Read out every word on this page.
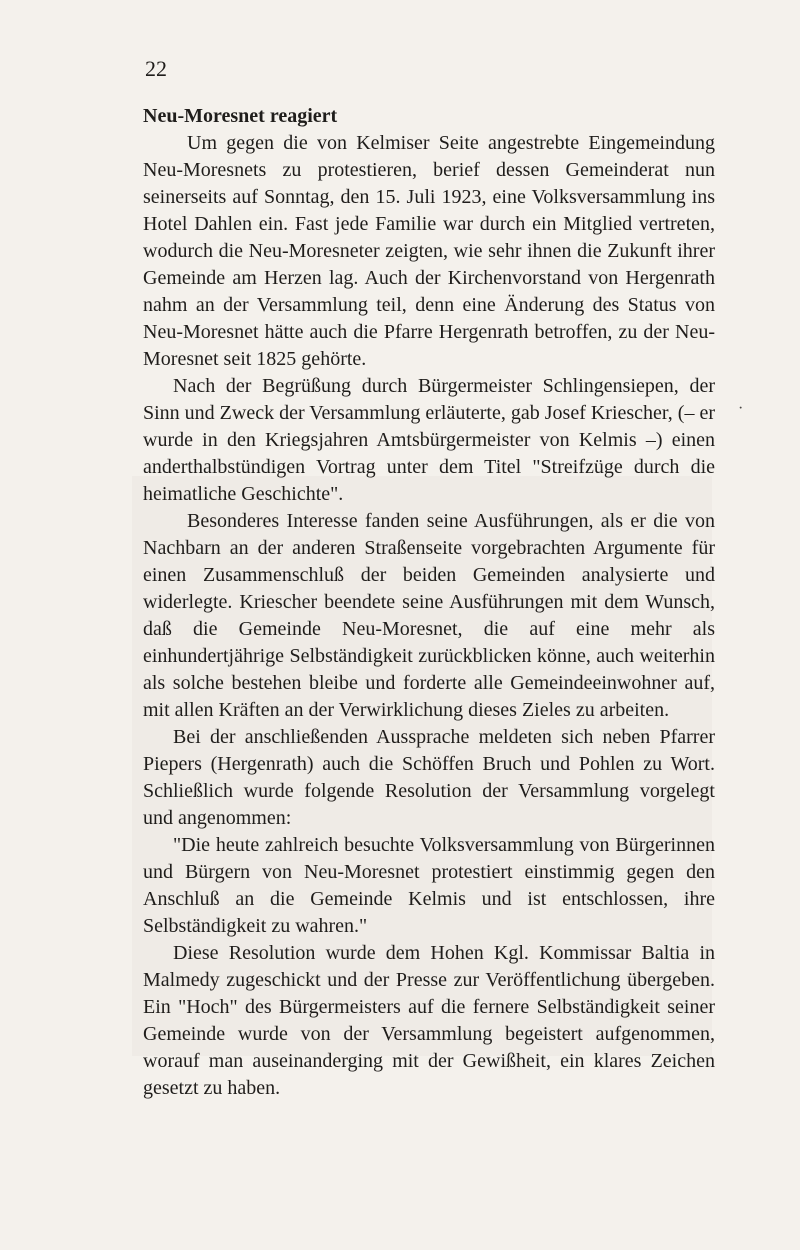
22
Neu-Moresnet reagiert

Um gegen die von Kelmiser Seite angestrebte Eingemeindung Neu-Moresnets zu protestieren, berief dessen Gemeinderat nun seinerseits auf Sonntag, den 15. Juli 1923, eine Volksversammlung ins Hotel Dahlen ein. Fast jede Familie war durch ein Mitglied vertreten, wodurch die Neu-Moresneter zeigten, wie sehr ihnen die Zukunft ihrer Gemeinde am Herzen lag. Auch der Kirchenvorstand von Hergenrath nahm an der Versammlung teil, denn eine Änderung des Status von Neu-Moresnet hätte auch die Pfarre Hergenrath betroffen, zu der Neu-Moresnet seit 1825 gehörte.

Nach der Begrüßung durch Bürgermeister Schlingensiepen, der Sinn und Zweck der Versammlung erläuterte, gab Josef Kriescher, (– er wurde in den Kriegsjahren Amtsbürgermeister von Kelmis –) einen anderthalbstündigen Vortrag unter dem Titel "Streifzüge durch die heimatliche Geschichte".

Besonderes Interesse fanden seine Ausführungen, als er die von Nachbarn an der anderen Straßenseite vorgebrachten Argumente für einen Zusammenschluß der beiden Gemeinden analysierte und widerlegte. Kriescher beendete seine Ausführungen mit dem Wunsch, daß die Gemeinde Neu-Moresnet, die auf eine mehr als einhundertjährige Selbständigkeit zurückblicken könne, auch weiterhin als solche bestehen bleibe und forderte alle Gemeindeeinwohner auf, mit allen Kräften an der Verwirklichung dieses Zieles zu arbeiten.

Bei der anschließenden Aussprache meldeten sich neben Pfarrer Piepers (Hergenrath) auch die Schöffen Bruch und Pohlen zu Wort. Schließlich wurde folgende Resolution der Versammlung vorgelegt und angenommen:

"Die heute zahlreich besuchte Volksversammlung von Bürgerinnen und Bürgern von Neu-Moresnet protestiert einstimmig gegen den Anschluß an die Gemeinde Kelmis und ist entschlossen, ihre Selbständigkeit zu wahren."

Diese Resolution wurde dem Hohen Kgl. Kommissar Baltia in Malmedy zugeschickt und der Presse zur Veröffentlichung übergeben. Ein "Hoch" des Bürgermeisters auf die fernere Selbständigkeit seiner Gemeinde wurde von der Versammlung begeistert aufgenommen, worauf man auseinanderging mit der Gewißheit, ein klares Zeichen gesetzt zu haben.

·
